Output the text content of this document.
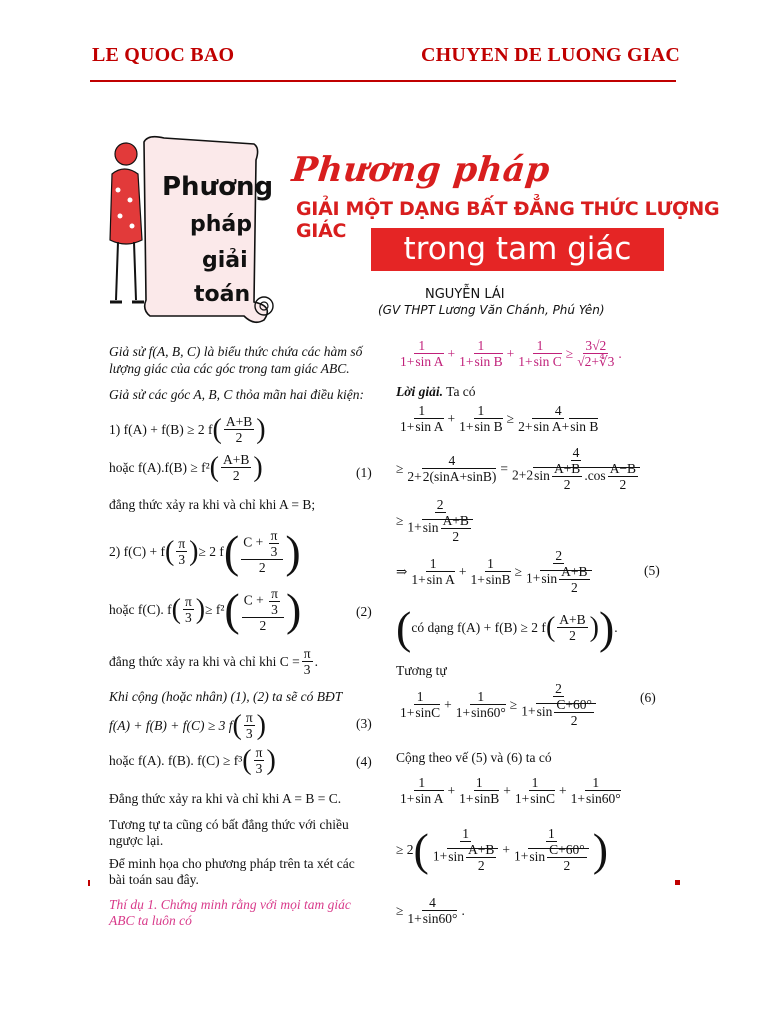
LE QUOC BAO	CHUYEN DE LUONG GIAC
Phương
pháp
giải
toán
Phương pháp
GIẢI MỘT DẠNG BẤT ĐẲNG THỨC LƯỢNG GIÁC	trong tam giác
NGUYỄN LÁI
(GV THPT Lương Văn Chánh, Phú Yên)
Giả sử f(A, B, C) là biểu thức chứa các hàm số
lượng giác của các góc trong tam giác ABC.
Giả sử các góc A, B, C thỏa mãn hai điều kiện:
1) f(A) + f(B) ≥ 2 f ( $\frac{A+B}{2}$ )
hoặc f(A).f(B) ≥ f² ( $\frac{A+B}{2}$ )	(1)
đẳng thức xảy ra khi và chỉ khi A = B;
2) f(C) + f ( $\frac{\pi}{3}$ ) ≥ 2 f ( $\frac{C + \frac{\pi}{3}}{2}$ )
hoặc f(C). f ( $\frac{\pi}{3}$ ) ≥ f² ( $\frac{C + \frac{\pi}{3}}{2}$ )	(2)
đẳng thức xảy ra khi và chỉ khi $C = \frac{\pi}{3}$ .
Khi cộng (hoặc nhân) (1), (2) ta sẽ có BĐT
f(A) + f(B) + f(C) ≥ 3 f ( $\frac{\pi}{3}$ )	(3)
hoặc f(A). f(B). f(C) ≥ f³ ( $\frac{\pi}{3}$ )	(4)
Đẳng thức xảy ra khi và chỉ khi A = B = C.
Tương tự ta cũng có bất đẳng thức với chiều
ngược lại.
Để minh họa cho phương pháp trên ta xét các
bài toán sau đây.
Thí dụ 1. Chứng minh rằng với mọi tam giác
ABC ta luôn có
$\frac{1}{\text{1+sin A}} + \frac{1}{\text{1+sin B}} + \frac{1}{\text{1+sin C}} \ge \frac{3√2}{√2+∜3}$ .
Lời giải. Ta có
$\frac{1}{\text{1+sin A}} + \frac{1}{\text{1+sin B}} \ge \frac{4}{\text{2+sin A+sin B}}$
≥ $\frac{4}{2+2(\sin A+\sin B)} = \frac{4}{2+2\sin \frac{A+B}{2} .\cos \frac{A-B}{2}}$
≥ $\frac{2}{1+\sin \frac{A+B}{2}}$
⇒ $\frac{1}{\text{1+sin A}} + \frac{1}{1+\sin B} \ge \frac{2}{1+\sin \frac{A+B}{2}}$	(5)
( có dạng f(A) + f(B) ≥ 2 f ( $\frac{A+B}{2}$ ) ) .
Tương tự
$\frac{1}{1+\sin C} + \frac{1}{1+\sin 60^\circ} \ge \frac{2}{1+\sin \frac{C+60^\circ}{2}}$	(6)
Cộng theo vế (5) và (6) ta có
$\frac{1}{\text{1+sin A}} + \frac{1}{1+\sin B} + \frac{1}{1+\sin C} + \frac{1}{1+\sin 60^\circ}$
≥ 2 ( $\frac{1}{1+\sin \frac{A+B}{2}} + \frac{1}{1+\sin \frac{C+60^\circ}{2}}$ )
≥ $\frac{4}{1+\sin 60^\circ}$ .
